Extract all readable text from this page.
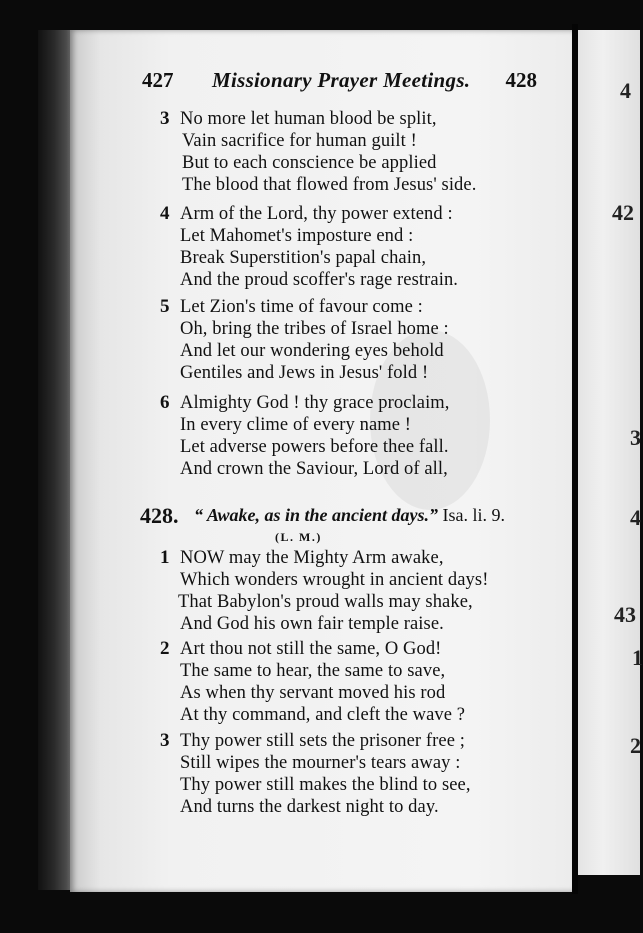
4
42
3
4
43
1
2
427 Missionary Prayer Meetings. 428
3 No more let human blood be split,
Vain sacrifice for human guilt !
But to each conscience be applied
The blood that flowed from Jesus' side.
4 Arm of the Lord, thy power extend :
Let Mahomet's imposture end :
Break Superstition's papal chain,
And the proud scoffer's rage restrain.
5 Let Zion's time of favour come :
Oh, bring the tribes of Israel home :
And let our wondering eyes behold
Gentiles and Jews in Jesus' fold !
6 Almighty God ! thy grace proclaim,
In every clime of every name !
Let adverse powers before thee fall.
And crown the Saviour, Lord of all,
428. “ Awake, as in the ancient days.” Isa. li. 9.
(L. M.)
1 NOW may the Mighty Arm awake,
Which wonders wrought in ancient days!
That Babylon's proud walls may shake,
And God his own fair temple raise.
2 Art thou not still the same, O God!
The same to hear, the same to save,
As when thy servant moved his rod
At thy command, and cleft the wave ?
3 Thy power still sets the prisoner free ;
Still wipes the mourner's tears away :
Thy power still makes the blind to see,
And turns the darkest night to day.
